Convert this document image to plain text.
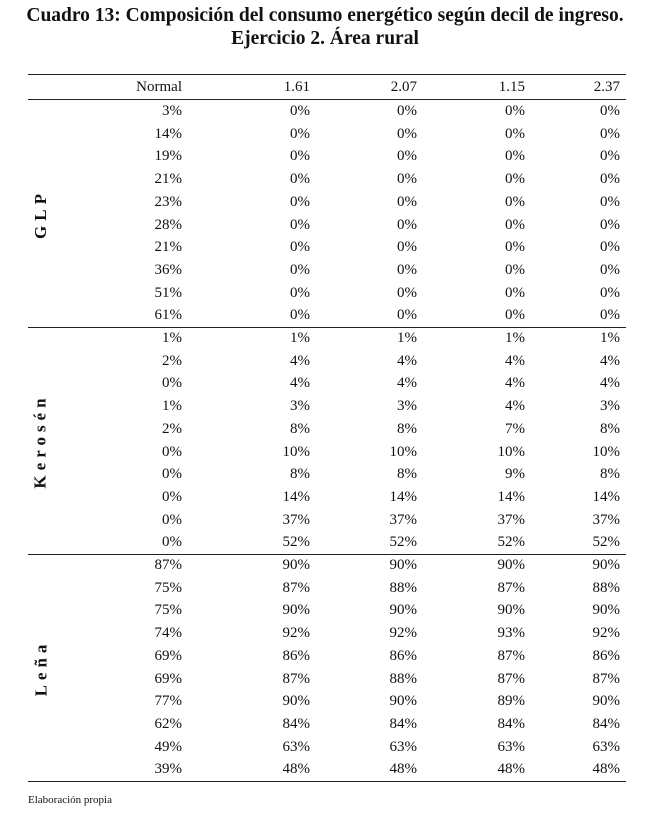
Cuadro 13: Composición del consumo energético según decil de ingreso.
Ejercicio 2. Área rural
Normal	1.61	2.07	1.15	2.37
GLP
3%	0%	0%	0%	0%
14%	0%	0%	0%	0%
19%	0%	0%	0%	0%
21%	0%	0%	0%	0%
23%	0%	0%	0%	0%
28%	0%	0%	0%	0%
21%	0%	0%	0%	0%
36%	0%	0%	0%	0%
51%	0%	0%	0%	0%
61%	0%	0%	0%	0%
Kerosén
1%	1%	1%	1%	1%
2%	4%	4%	4%	4%
0%	4%	4%	4%	4%
1%	3%	3%	4%	3%
2%	8%	8%	7%	8%
0%	10%	10%	10%	10%
0%	8%	8%	9%	8%
0%	14%	14%	14%	14%
0%	37%	37%	37%	37%
0%	52%	52%	52%	52%
Leña
87%	90%	90%	90%	90%
75%	87%	88%	87%	88%
75%	90%	90%	90%	90%
74%	92%	92%	93%	92%
69%	86%	86%	87%	86%
69%	87%	88%	87%	87%
77%	90%	90%	89%	90%
62%	84%	84%	84%	84%
49%	63%	63%	63%	63%
39%	48%	48%	48%	48%
Elaboración propia
